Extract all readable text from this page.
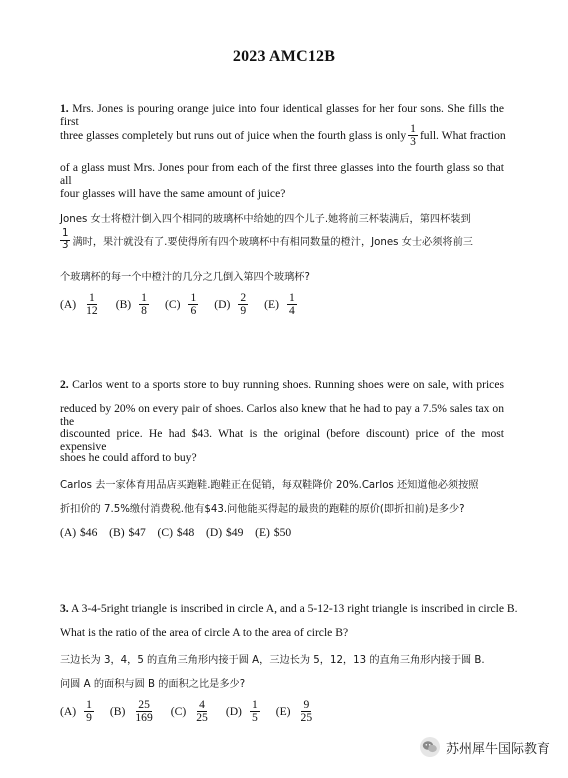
2023 AMC12B
1. Mrs. Jones is pouring orange juice into four identical glasses for her four sons. She fills the first
three glasses completely but runs out of juice when the fourth glass is only $\frac{1}{3}$ full. What fraction
of a glass must Mrs. Jones pour from each of the first three glasses into the fourth glass so that all
four glasses will have the same amount of juice?
Jones 女士将橙汁倒入四个相同的玻璃杯中给她的四个儿子.她将前三杯装满后，第四杯装到
$\frac{1}{3}$ 满时，果汁就没有了.要使得所有四个玻璃杯中有相同数量的橙汁，Jones 女士必须将前三
个玻璃杯的每一个中橙汁的几分之几倒入第四个玻璃杯?
$(A) \frac{1}{12} (B) \frac{1}{8} (C) \frac{1}{6} (D) \frac{2}{9} (E) \frac{1}{4}$
2. Carlos went to a sports store to buy running shoes. Running shoes were on sale, with prices
reduced by 20% on every pair of shoes. Carlos also knew that he had to pay a 7.5% sales tax on the
discounted price. He had $43. What is the original (before discount) price of the most expensive
shoes he could afford to buy?
Carlos 去一家体育用品店买跑鞋.跑鞋正在促销，每双鞋降价 20%.Carlos 还知道他必须按照
折扣价的 7.5%缴付消费税.他有$43.问他能买得起的最贵的跑鞋的原价(即折扣前)是多少?
(A) $46 (B) $47 (C) $48 (D) $49 (E) $50
3. A 3-4-5right triangle is inscribed in circle A, and a 5-12-13 right triangle is inscribed in circle B.
What is the ratio of the area of circle A to the area of circle B?
三边长为 3，4，5 的直角三角形内接于圆 A，三边长为 5，12，13 的直角三角形内接于圆 B.
问圆 A 的面积与圆 B 的面积之比是多少?
$(A) \frac{1}{9} (B) \frac{25}{169} (C) \frac{4}{25} (D) \frac{1}{5} (E) \frac{9}{25}$
苏州犀牛国际教育
